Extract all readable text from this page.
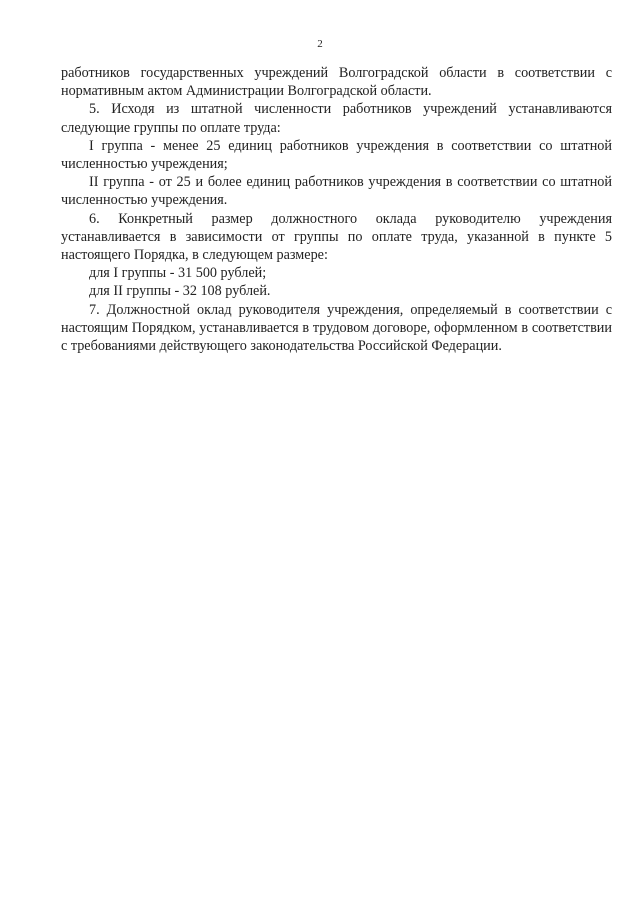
2

работников государственных учреждений Волгоградской области в соответствии с нормативным актом Администрации Волгоградской области.

5. Исходя из штатной численности работников учреждений устанавливаются следующие группы по оплате труда:

I группа - менее 25 единиц работников учреждения в соответствии со штатной численностью учреждения;

II группа - от 25 и более единиц работников учреждения в соответствии со штатной численностью учреждения.

6. Конкретный размер должностного оклада руководителю учреждения устанавливается в зависимости от группы по оплате труда, указанной в пункте 5 настоящего Порядка, в следующем размере:

для I группы - 31 500 рублей;

для II группы - 32 108 рублей.

7. Должностной оклад руководителя учреждения, определяемый в соответствии с настоящим Порядком, устанавливается в трудовом договоре, оформленном в соответствии с требованиями действующего законодательства Российской Федерации.
